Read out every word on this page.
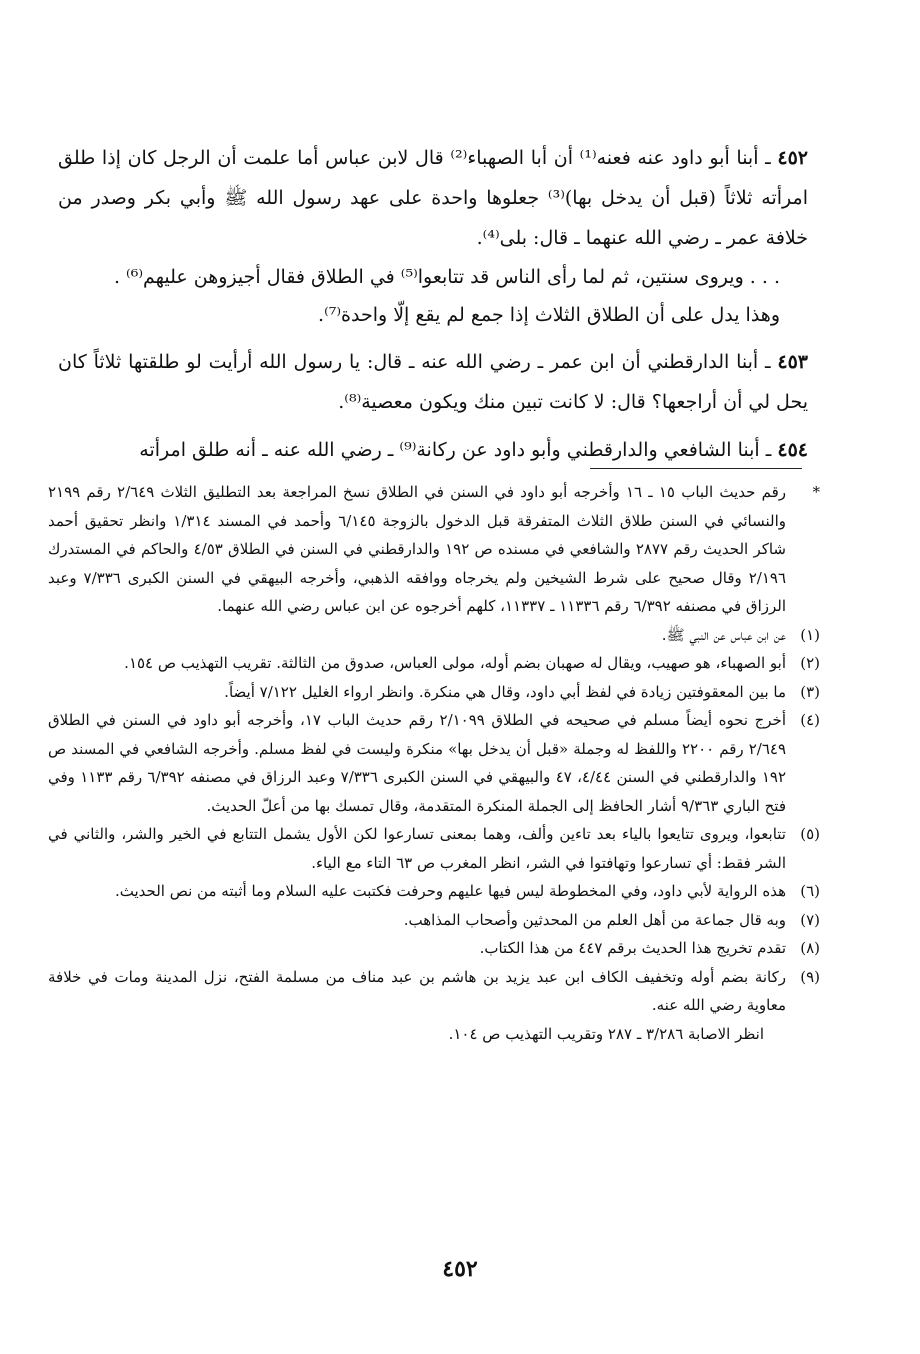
٤٥٢ ـ أبنا أبو داود عنه فعنه⁽¹⁾ أن أبا الصهباء⁽²⁾ قال لابن عباس أما علمت أن الرجل كان إذا طلق امرأته ثلاثاً (قبل أن يدخل بها)⁽³⁾ جعلوها واحدة على عهد رسول الله ﷺ وأبي بكر وصدر من خلافة عمر ـ رضي الله عنهما ـ قال: بلى⁽⁴⁾.

. . . ويروى سنتين، ثم لما رأى الناس قد تتابعوا⁽⁵⁾ في الطلاق فقال أجيزوهن عليهم⁽⁶⁾ .

وهذا يدل على أن الطلاق الثلاث إذا جمع لم يقع إلّا واحدة⁽⁷⁾.

٤٥٣ ـ أبنا الدارقطني أن ابن عمر ـ رضي الله عنه ـ قال: يا رسول الله أرأيت لو طلقتها ثلاثاً كان يحل لي أن أراجعها؟ قال: لا كانت تبين منك ويكون معصية⁽⁸⁾.

٤٥٤ ـ أبنا الشافعي والدارقطني وأبو داود عن ركانة⁽⁹⁾ ـ رضي الله عنه ـ أنه طلق امرأته

*
رقم حديث الباب ١٥ ـ ١٦ وأخرجه أبو داود في السنن في الطلاق نسخ المراجعة بعد التطليق الثلاث ٢/٦٤٩ رقم ٢١٩٩ والنسائي في السنن طلاق الثلاث المتفرقة قبل الدخول بالزوجة ٦/١٤٥ وأحمد في المسند ١/٣١٤ وانظر تحقيق أحمد شاكر الحديث رقم ٢٨٧٧ والشافعي في مسنده ص ١٩٢ والدارقطني في السنن في الطلاق ٤/٥٣ والحاكم في المستدرك ٢/١٩٦ وقال صحيح على شرط الشيخين ولم يخرجاه ووافقه الذهبي، وأخرجه البيهقي في السنن الكبرى ٧/٣٣٦ وعبد الرزاق في مصنفه ٦/٣٩٢ رقم ١١٣٣٦ ـ ١١٣٣٧، كلهم أخرجوه عن ابن عباس رضي الله عنهما.
(١)
عن ابن عباس عن النبي ﷺ.
(٢)
أبو الصهباء، هو صهيب، ويقال له صهبان بضم أوله، مولى العباس، صدوق من الثالثة. تقريب التهذيب ص ١٥٤.
(٣)
ما بين المعقوفتين زيادة في لفظ أبي داود، وقال هي منكرة. وانظر ارواء الغليل ٧/١٢٢ أيضاً.
(٤)
أخرج نحوه أيضاً مسلم في صحيحه في الطلاق ٢/١٠٩٩ رقم حديث الباب ١٧، وأخرجه أبو داود في السنن في الطلاق ٢/٦٤٩ رقم ٢٢٠٠ واللفظ له وجملة «قبل أن يدخل بها» منكرة وليست في لفظ مسلم. وأخرجه الشافعي في المسند ص ١٩٢ والدارقطني في السنن ٤/٤٤، ٤٧ والبيهقي في السنن الكبرى ٧/٣٣٦ وعبد الرزاق في مصنفه ٦/٣٩٢ رقم ١١٣٣ وفي فتح الباري ٩/٣٦٣ أشار الحافظ إلى الجملة المنكرة المتقدمة، وقال تمسك بها من أعلّ الحديث.
(٥)
تتابعوا، ويروى تتايعوا بالياء بعد تاءين وألف، وهما بمعنى تسارعوا لكن الأول يشمل التتابع في الخير والشر، والثاني في الشر فقط: أي تسارعوا وتهافتوا في الشر، انظر المغرب ص ٦٣ التاء مع الياء.
(٦)
هذه الرواية لأبي داود، وفي المخطوطة ليس فيها عليهم وحرفت فكتبت عليه السلام وما أثبته من نص الحديث.
(٧)
وبه قال جماعة من أهل العلم من المحدثين وأصحاب المذاهب.
(٨)
تقدم تخريج هذا الحديث برقم ٤٤٧ من هذا الكتاب.
(٩)
ركانة بضم أوله وتخفيف الكاف ابن عبد يزيد بن هاشم بن عبد مناف من مسلمة الفتح، نزل المدينة ومات في خلافة معاوية رضي الله عنه.
انظر الاصابة ٣/٢٨٦ ـ ٢٨٧ وتقريب التهذيب ص ١٠٤.
٤٥٢
